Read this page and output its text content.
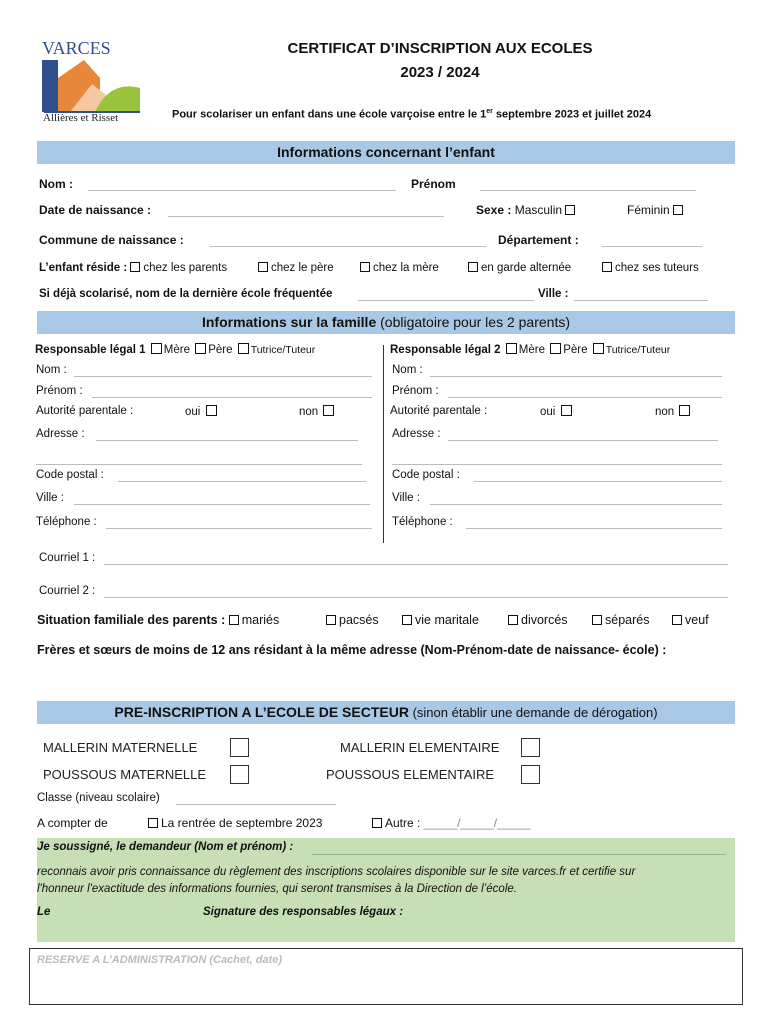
VARCES
Allières et Risset
CERTIFICAT D’INSCRIPTION AUX ECOLES
2023 / 2024
Pour scolariser un enfant dans une école varçoise entre le 1er septembre 2023 et juillet 2024
Informations concernant l’enfant
Nom :	Prénom
Date de naissance :	Sexe : Masculin	Féminin
Commune de naissance :	Département :
L’enfant réside : chez les parents	chez le père	chez la mère	en garde alternée	chez ses tuteurs
Si déjà scolarisé, nom de la dernière école fréquentée	Ville :
Informations sur la famille (obligatoire pour les 2 parents)
Responsable légal 1 Mère Père Tutrice/Tuteur	Responsable légal 2 Mère Père Tutrice/Tuteur
Nom :
Prénom :
Autorité parentale :	oui	non
Adresse :
Code postal :
Ville :
Téléphone :
Nom :
Prénom :
Autorité parentale :	oui	non
Adresse :
Code postal :
Ville :
Téléphone :
Courriel 1 :
Courriel 2 :
Situation familiale des parents : mariés	pacsés	vie maritale	divorcés	séparés	veuf
Frères et sœurs de moins de 12 ans résidant à la même adresse (Nom-Prénom-date de naissance- école) :
PRE-INSCRIPTION A L’ECOLE DE SECTEUR (sinon établir une demande de dérogation)
MALLERIN MATERNELLE	MALLERIN ELEMENTAIRE
POUSSOUS MATERNELLE	POUSSOUS ELEMENTAIRE
Classe (niveau scolaire)
A compter de	La rentrée de septembre 2023	Autre : _____/_____/_____
Je soussigné, le demandeur (Nom et prénom) :
reconnais avoir pris connaissance du règlement des inscriptions scolaires disponible sur le site varces.fr et certifie sur
l'honneur l'exactitude des informations fournies, qui seront transmises à la Direction de l’école.
Le	Signature des responsables légaux :
RESERVE A L’ADMINISTRATION (Cachet, date)
